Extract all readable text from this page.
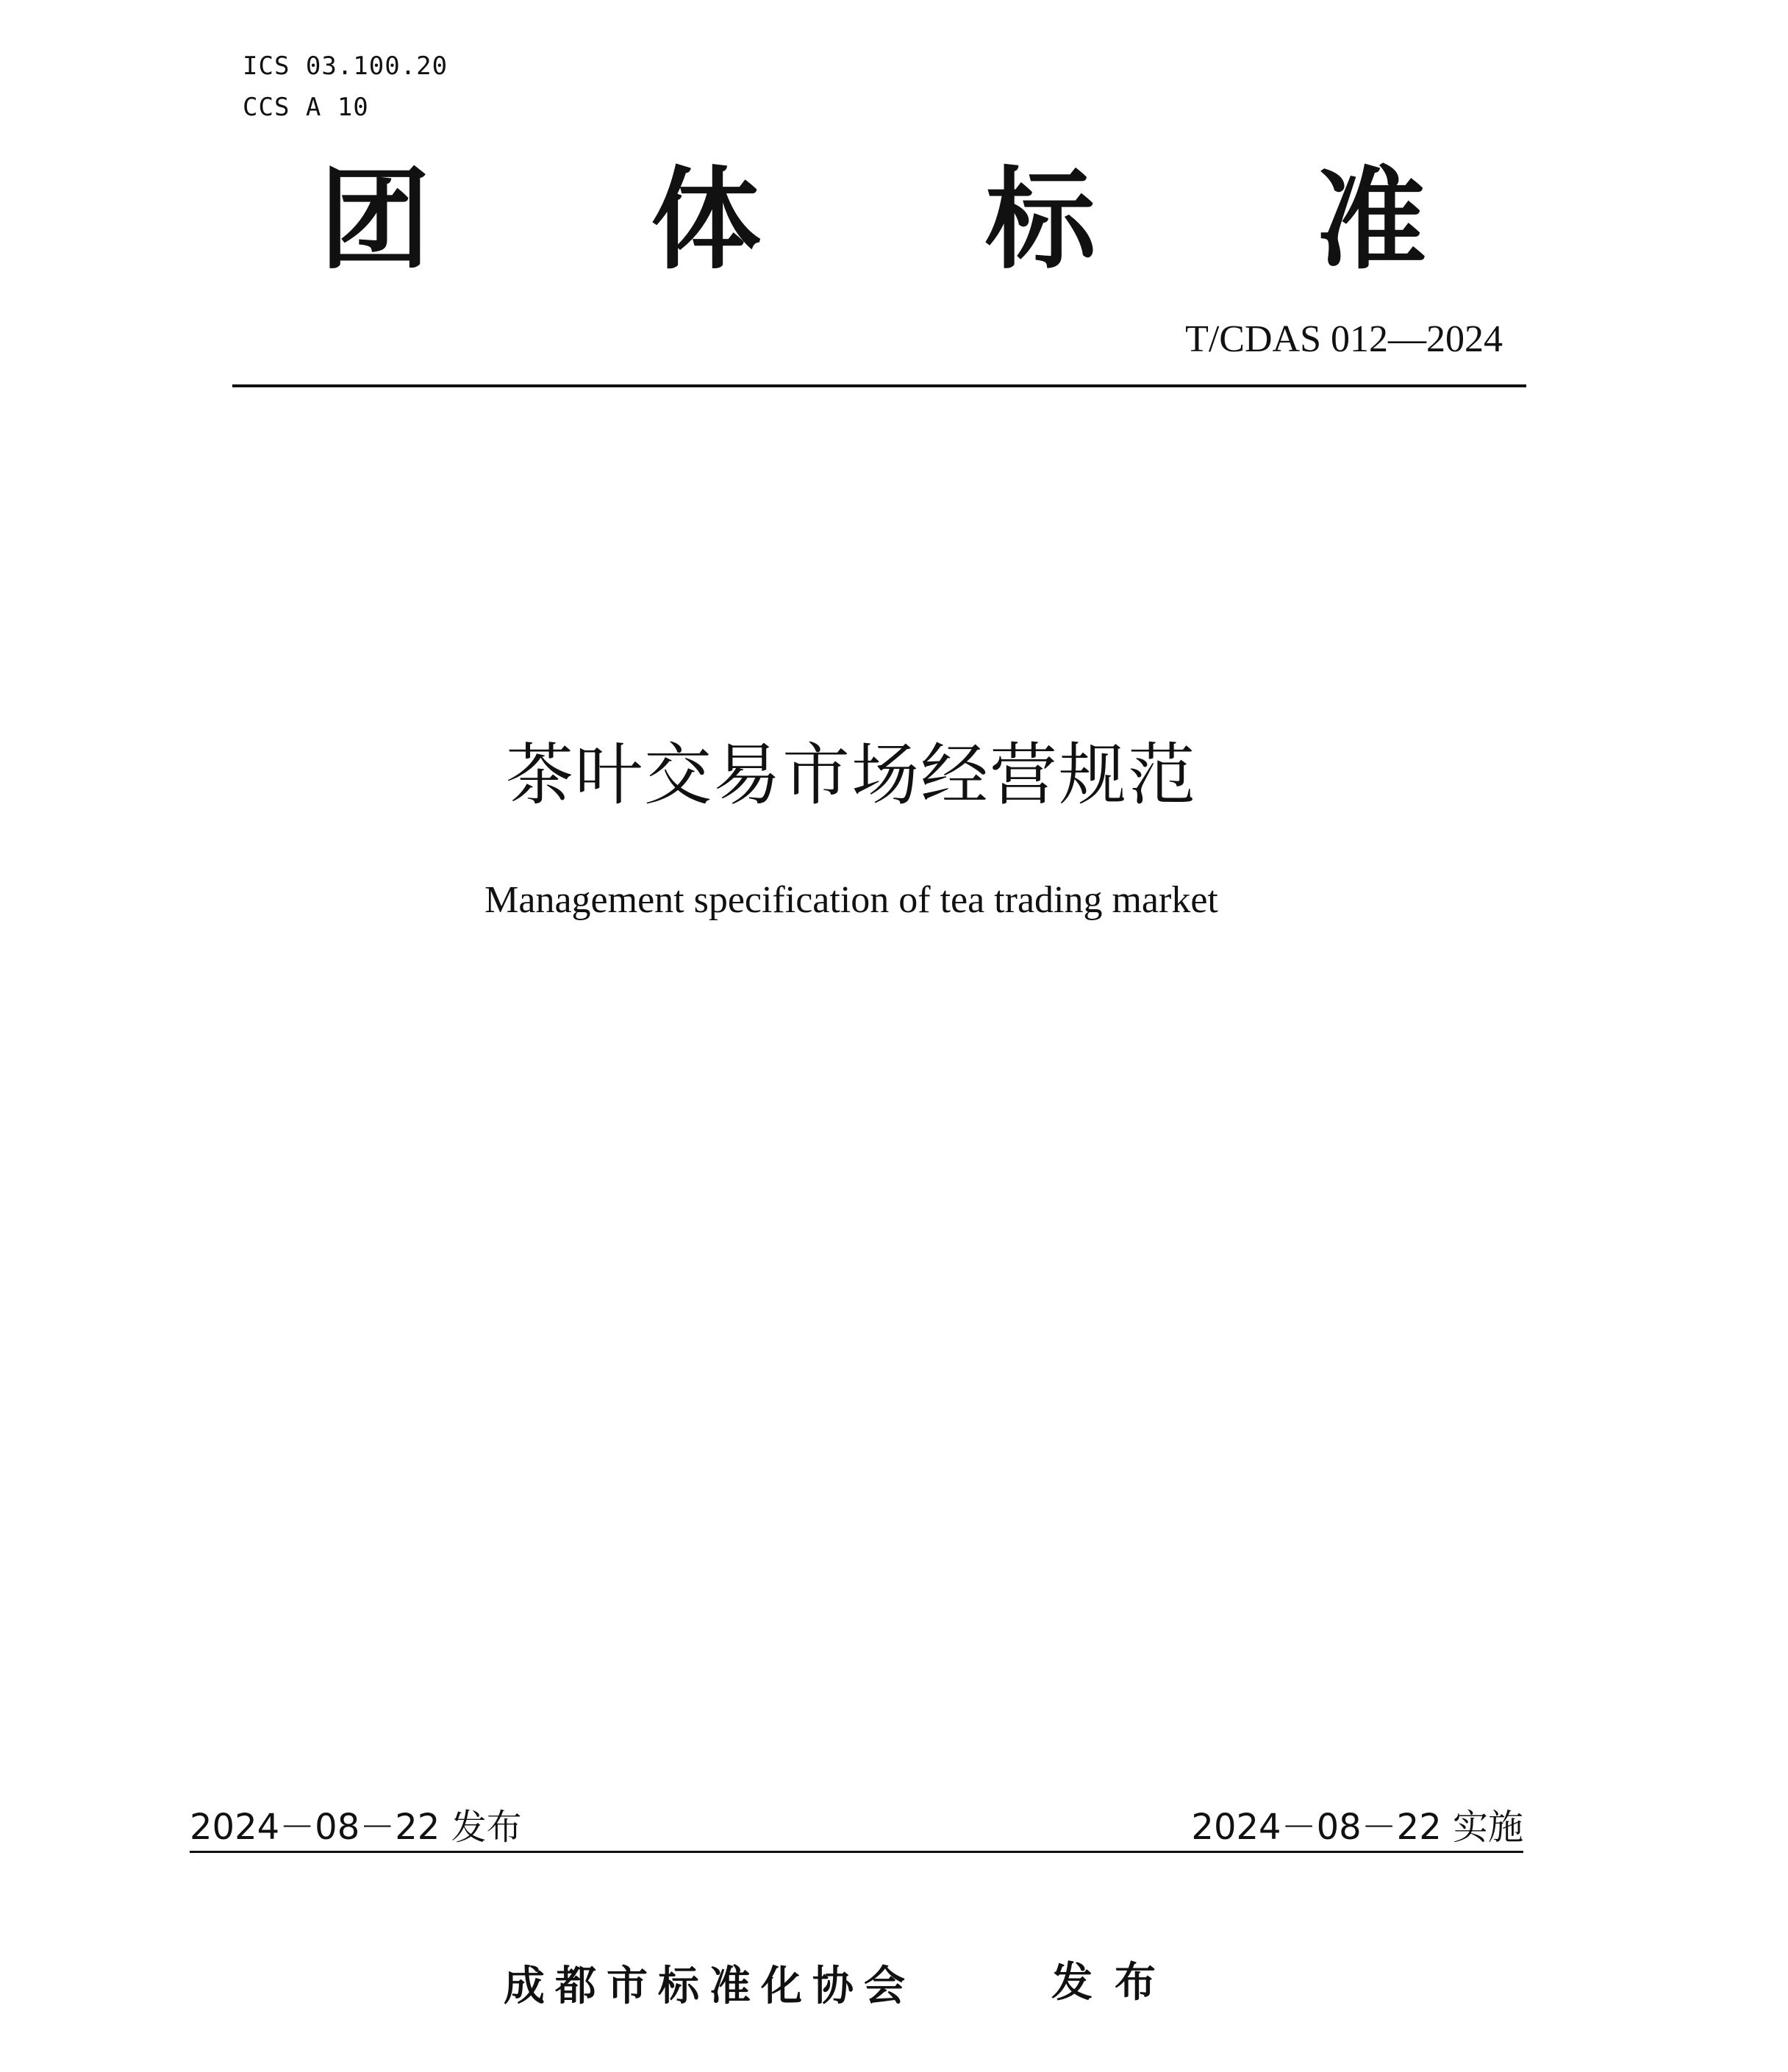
ICS 03.100.20
CCS A 10
团 体 标 准
T/CDAS 012—2024
茶叶交易市场经营规范
Management specification of tea trading market
2024－08－22 发布	2024－08－22 实施
成都市标准化协会	发布
